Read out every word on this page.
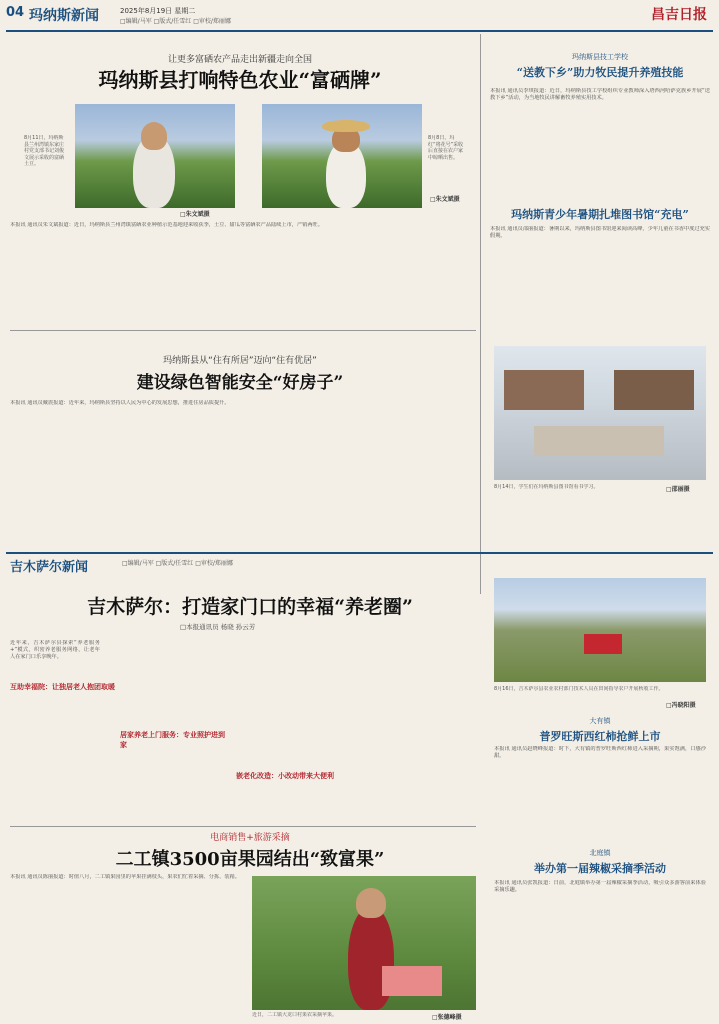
04 玛纳斯新闻	2025年8月19日 星期二
□编辑/马军 □版式/任雪红 □审校/郑丽娜	昌吉日报
让更多富硒农产品走出新疆走向全国
玛纳斯县打响特色农业“富硒牌”
8月11日，玛纳斯县兰州湾镇东家庄村党支部书记刘俊文展示采收的富硒土豆。
□朱文斌摄
8月8日，玛红“将花号”采收后直接在农户家中晾晒出售。
□朱文斌摄
本报讯 通讯员朱文斌报道：近日，玛纳斯县兰州湾镇富硒农业种植示范基地迎来收获季，土豆、甜瓜等富硒农产品陆续上市，产销两旺。
玛纳斯县技工学校
“送教下乡”助力牧民提升养殖技能
本报讯 通讯员李琪报道：近日，玛纳斯县技工学校组织专业教师深入塔西河哈萨克族乡开展“送教下乡”活动，为当地牧民讲解畜牧养殖实用技术。
玛纳斯青少年暑期扎堆图书馆“充电”
本报讯 通讯员邵丽报道：暑期以来，玛纳斯县图书馆迎来阅读高峰，少年儿童在书香中度过充实假期。
8月14日，学生们在玛纳斯县图书馆看书学习。	□邵丽摄
玛纳斯县从“住有所居”迈向“住有优居”
建设绿色智能安全“好房子”
本报讯 通讯员戴震报道：近年来，玛纳斯县坚持以人民为中心的发展思想，推进住房品质提升。
吉木萨尔新闻	□编辑/马军 □版式/任雪红 □审校/郑丽娜
吉木萨尔：打造家门口的幸福“养老圈”
□本报通讯员 杨晓 孙云芳
近年来，吉木萨尔县探索“养老服务+”模式，织密养老服务网络，让老年人在家门口乐享晚年。
互助幸福院：让独居老人抱团取暖
居家养老上门服务：专业照护进到家
嵌老化改造：小改动带来大便利
8月16日，吉木萨尔县农业农村部门技术人员在田间指导农户开展秋收工作。
□冯晓阳摄
大有镇
普罗旺斯西红柿抢鲜上市
本报讯 通讯员赵晓峰报道：时下，大有镇的普罗旺斯西红柿进入采摘期，果实饱满，口感沙甜。
北庭镇
举办第一届辣椒采摘季活动
本报讯 通讯员张凯报道：日前，北庭镇举办第一届辣椒采摘季活动，吸引众多游客前来体验采摘乐趣。
电商销售+旅游采摘
二工镇3500亩果园结出“致富果”
本报讯 通讯员陈丽报道：时值八月，二工镇果园里的苹果挂满枝头，果农们忙着采摘、分拣、装箱。
近日，二工镇大龙口村果农采摘苹果。	□张德峰摄
